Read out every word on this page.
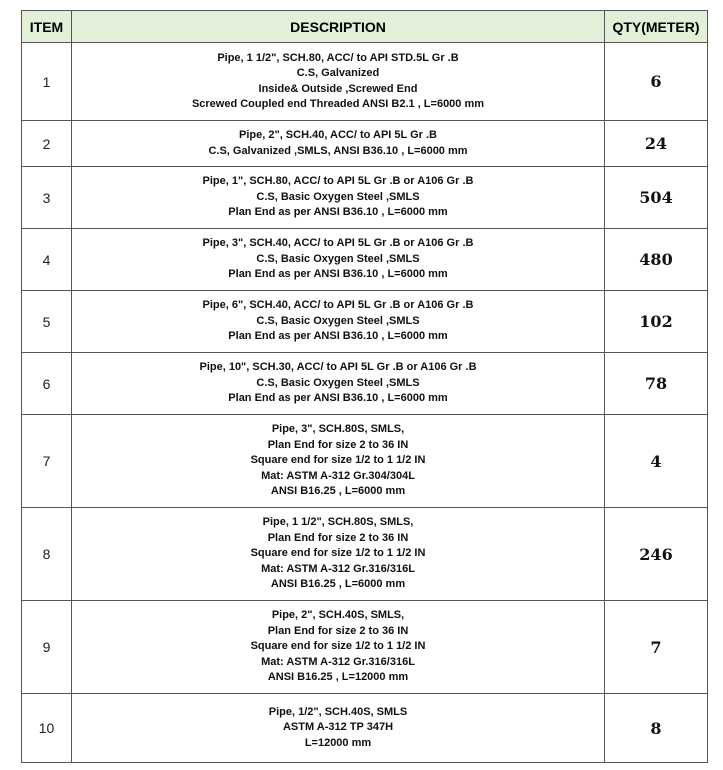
ITEM	DESCRIPTION	QTY(METER)
1	Pipe, 1 1/2", SCH.80, ACC/ to API STD.5L Gr .B
C.S, Galvanized
Inside& Outside ,Screwed End
Screwed Coupled end Threaded ANSI B2.1 , L=6000 mm	6
2	Pipe, 2", SCH.40, ACC/ to API 5L Gr .B
C.S, Galvanized ,SMLS, ANSI B36.10 , L=6000 mm	24
3	Pipe, 1", SCH.80, ACC/ to API 5L Gr .B or A106 Gr .B
C.S, Basic Oxygen Steel ,SMLS
Plan End as per ANSI B36.10 , L=6000 mm	504
4	Pipe, 3", SCH.40, ACC/ to API 5L Gr .B or A106 Gr .B
C.S, Basic Oxygen Steel ,SMLS
Plan End as per ANSI B36.10 , L=6000 mm	480
5	Pipe, 6", SCH.40, ACC/ to API 5L Gr .B or A106 Gr .B
C.S, Basic Oxygen Steel ,SMLS
Plan End as per ANSI B36.10 , L=6000 mm	102
6	Pipe, 10", SCH.30, ACC/ to API 5L Gr .B or A106 Gr .B
C.S, Basic Oxygen Steel ,SMLS
Plan End as per ANSI B36.10 , L=6000 mm	78
7	Pipe, 3", SCH.80S, SMLS,
Plan End for size 2 to 36 IN
Square end for size 1/2 to 1 1/2 IN
Mat: ASTM A-312 Gr.304/304L
ANSI B16.25 , L=6000 mm	4
8	Pipe, 1 1/2", SCH.80S, SMLS,
Plan End for size 2 to 36 IN
Square end for size 1/2 to 1 1/2 IN
Mat: ASTM A-312 Gr.316/316L
ANSI B16.25 , L=6000 mm	246
9	Pipe, 2", SCH.40S, SMLS,
Plan End for size 2 to 36 IN
Square end for size 1/2 to 1 1/2 IN
Mat: ASTM A-312 Gr.316/316L
ANSI B16.25 , L=12000 mm	7
10	Pipe, 1/2", SCH.40S, SMLS
ASTM A-312 TP 347H
L=12000 mm	8
